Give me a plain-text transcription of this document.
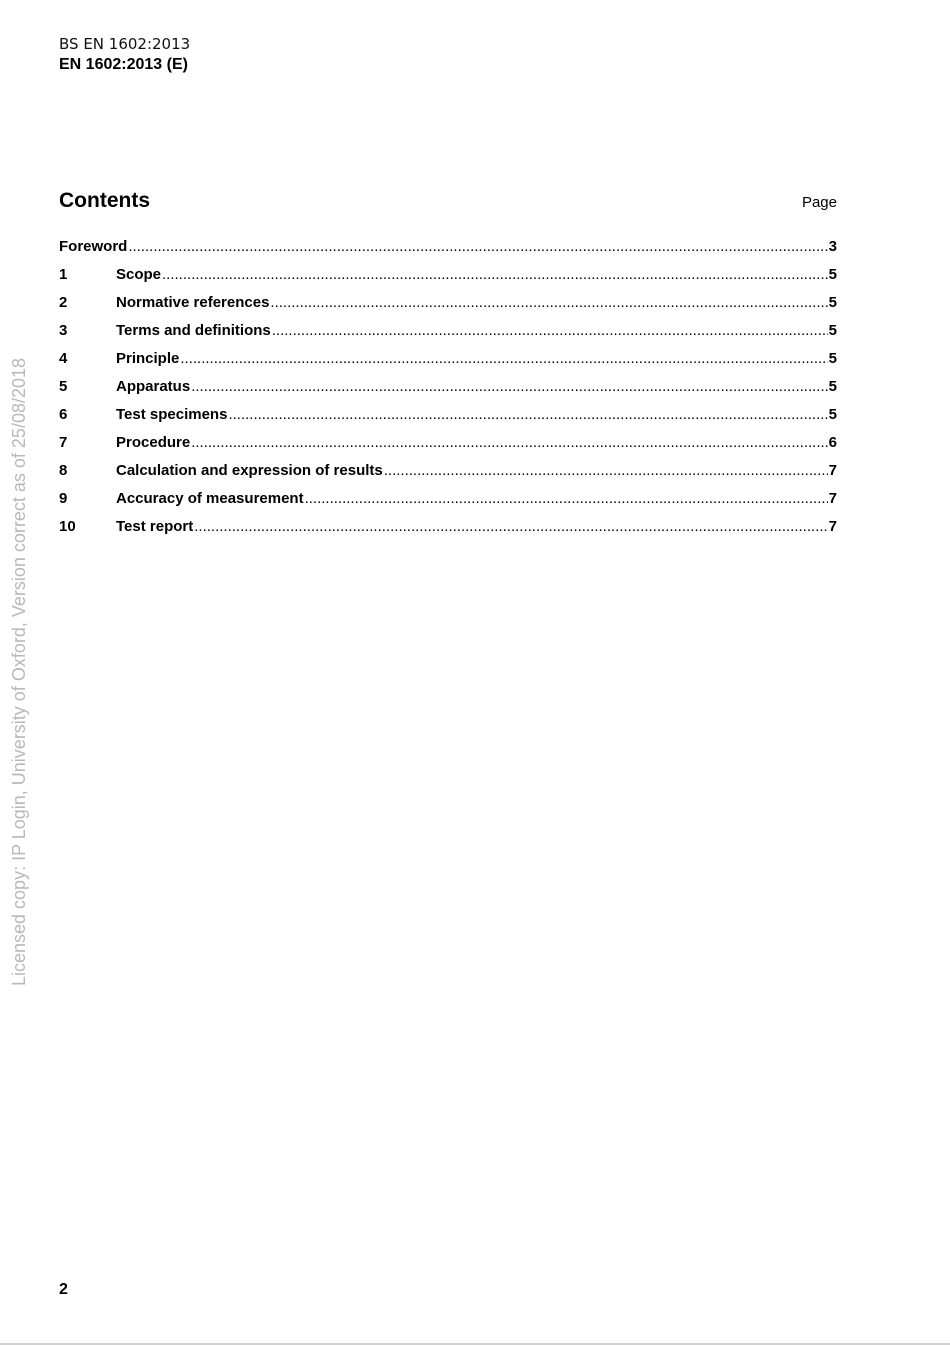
BS EN 1602:2013
EN 1602:2013 (E)
Contents	Page
Foreword .....	3
1	Scope .....	5
2	Normative references .....	5
3	Terms and definitions .....	5
4	Principle .....	5
5	Apparatus .....	5
6	Test specimens .....	5
7	Procedure .....	6
8	Calculation and expression of results .....	7
9	Accuracy of measurement .....	7
10	Test report .....	7
Licensed copy: IP Login, University of Oxford, Version correct as of 25/08/2018
2
